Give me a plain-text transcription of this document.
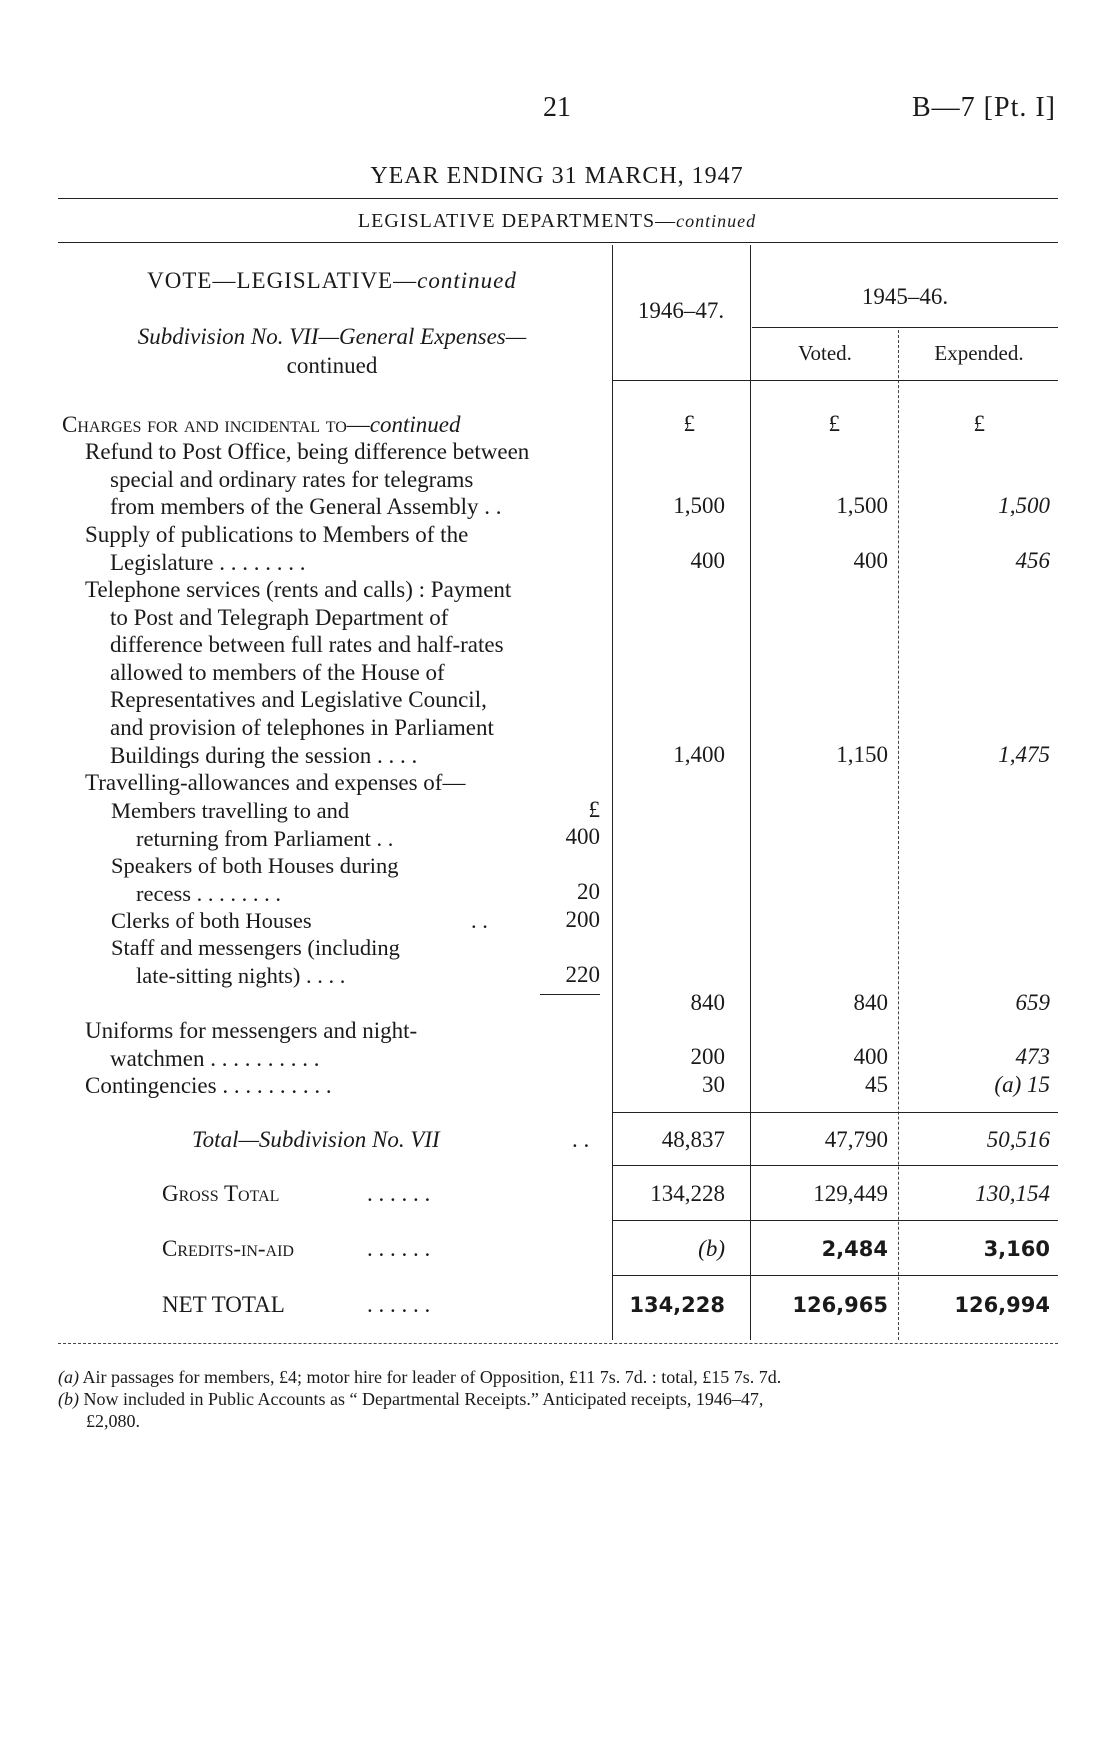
21	B—7 [Pt. I]
YEAR ENDING 31 MARCH, 1947
LEGISLATIVE DEPARTMENTS—continued
VOTE—LEGISLATIVE—continued
Subdivision No. VII—General Expenses—
continued
1946–47.
1945–46.
Voted.	Expended.
Charges for and incidental to—continued	£	£	£
Refund to Post Office, being difference between
special and ordinary rates for telegrams
from members of the General Assembly . .	1,500	1,500	1,500
Supply of publications to Members of the
Legislature . . . . . . . .	400	400	456
Telephone services (rents and calls) : Payment
to Post and Telegraph Department of
difference between full rates and half-rates
allowed to members of the House of
Representatives and Legislative Council,
and provision of telephones in Parliament
Buildings during the session . . . .	1,400	1,150	1,475
Travelling-allowances and expenses of—
£
Members travelling to and
returning from Parliament . .	400
Speakers of both Houses during
recess . . . . . . . .	20
Clerks of both Houses	. .	200
Staff and messengers (including
late-sitting nights) . . . .	220
840	840	659
Uniforms for messengers and night-
watchmen . . . . . . . . . .	200	400	473
Contingencies . . . . . . . . . .	30	45	(a) 15
Total—Subdivision No. VII	. .	48,837	47,790	50,516
Gross Total	. . . . . .	134,228	129,449	130,154
Credits-in-aid	. . . . . .	(b)	2,484	3,160
NET TOTAL	. . . . . .	134,228	126,965	126,994
(a) Air passages for members, £4; motor hire for leader of Opposition, £11 7s. 7d. : total, £15 7s. 7d.
(b) Now included in Public Accounts as “ Departmental Receipts.” Anticipated receipts, 1946–47,
£2,080.
